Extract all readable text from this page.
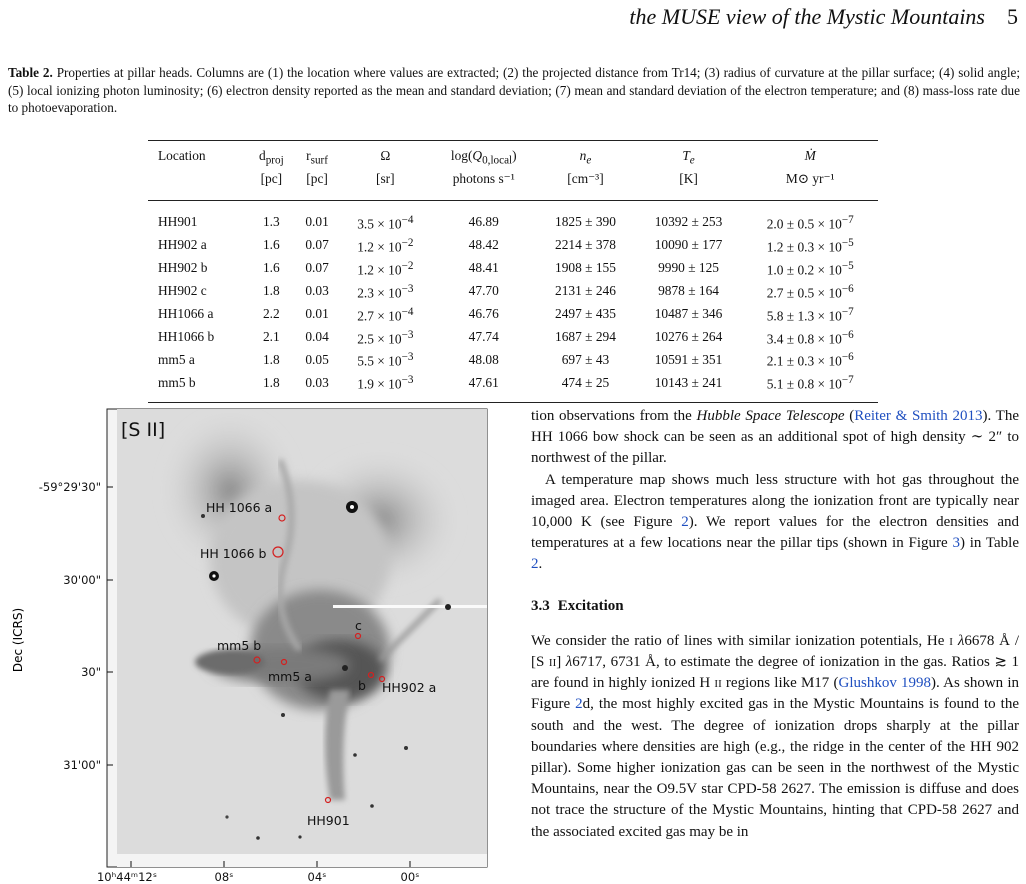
the MUSE view of the Mystic Mountains 5
Table 2. Properties at pillar heads. Columns are (1) the location where values are extracted; (2) the projected distance from Tr14; (3) radius of curvature at the pillar surface; (4) solid angle; (5) local ionizing photon luminosity; (6) electron density reported as the mean and standard deviation; (7) mean and standard deviation of the electron temperature; and (8) mass-loss rate due to photoevaporation.
Location	$d_{proj}$	$r_{surf}$	Ω	$\log(Q_{0,local})$	$n_e$	$T_e$	Ṁ
	[pc]	[pc]	[sr]	photons s⁻¹	[cm⁻³]	[K]	M⊙ yr⁻¹
HH901	1.3	0.01	$3.5 \times 10^{-4}$	46.89	1825 ± 390	10392 ± 253	$2.0 \pm 0.5 \times 10^{-7}$
HH902 a	1.6	0.07	$1.2 \times 10^{-2}$	48.42	2214 ± 378	10090 ± 177	$1.2 \pm 0.3 \times 10^{-5}$
HH902 b	1.6	0.07	$1.2 \times 10^{-2}$	48.41	1908 ± 155	9990 ± 125	$1.0 \pm 0.2 \times 10^{-5}$
HH902 c	1.8	0.03	$2.3 \times 10^{-3}$	47.70	2131 ± 246	9878 ± 164	$2.7 \pm 0.5 \times 10^{-6}$
HH1066 a	2.2	0.01	$2.7 \times 10^{-4}$	46.76	2497 ± 435	10487 ± 346	$5.8 \pm 1.3 \times 10^{-7}$
HH1066 b	2.1	0.04	$2.5 \times 10^{-3}$	47.74	1687 ± 294	10276 ± 264	$3.4 \pm 0.8 \times 10^{-6}$
mm5 a	1.8	0.05	$5.5 \times 10^{-3}$	48.08	697 ± 43	10591 ± 351	$2.1 \pm 0.3 \times 10^{-6}$
mm5 b	1.8	0.03	$1.9 \times 10^{-3}$	47.61	474 ± 25	10143 ± 241	$5.1 \pm 0.8 \times 10^{-7}$
HH 1066 a
HH 1066 b
mm5 b
mm5 a
c
b HH902 a
HH901
[S II]
-59°29'30"
30'00"
30"
31'00"
Dec (ICRS)
10ʰ44ᵐ12ˢ	08ˢ	04ˢ	00ˢ

tion observations from the Hubble Space Telescope (Reiter & Smith 2013). The HH 1066 bow shock can be seen as an additional spot of high density ∼ 2″ to northwest of the pillar.

A temperature map shows much less structure with hot gas throughout the imaged area. Electron temperatures along the ionization front are typically near 10,000 K (see Figure 2). We report values for the electron densities and temperatures at a few locations near the pillar tips (shown in Figure 3) in Table 2.

3.3 Excitation

We consider the ratio of lines with similar ionization potentials, He i λ6678 Å / [S ii] λ6717, 6731 Å, to estimate the degree of ionization in the gas. Ratios ≳ 1 are found in highly ionized H ii regions like M17 (Glushkov 1998). As shown in Figure 2d, the most highly excited gas in the Mystic Mountains is found to the south and the west. The degree of ionization drops sharply at the pillar boundaries where densities are high (e.g., the ridge in the center of the HH 902 pillar). Some higher ionization gas can be seen in the northwest of the Mystic Mountains, near the O9.5V star CPD-58 2627. The emission is diffuse and does not trace the structure of the Mystic Mountains, hinting that CPD-58 2627 and the associated excited gas may be in
